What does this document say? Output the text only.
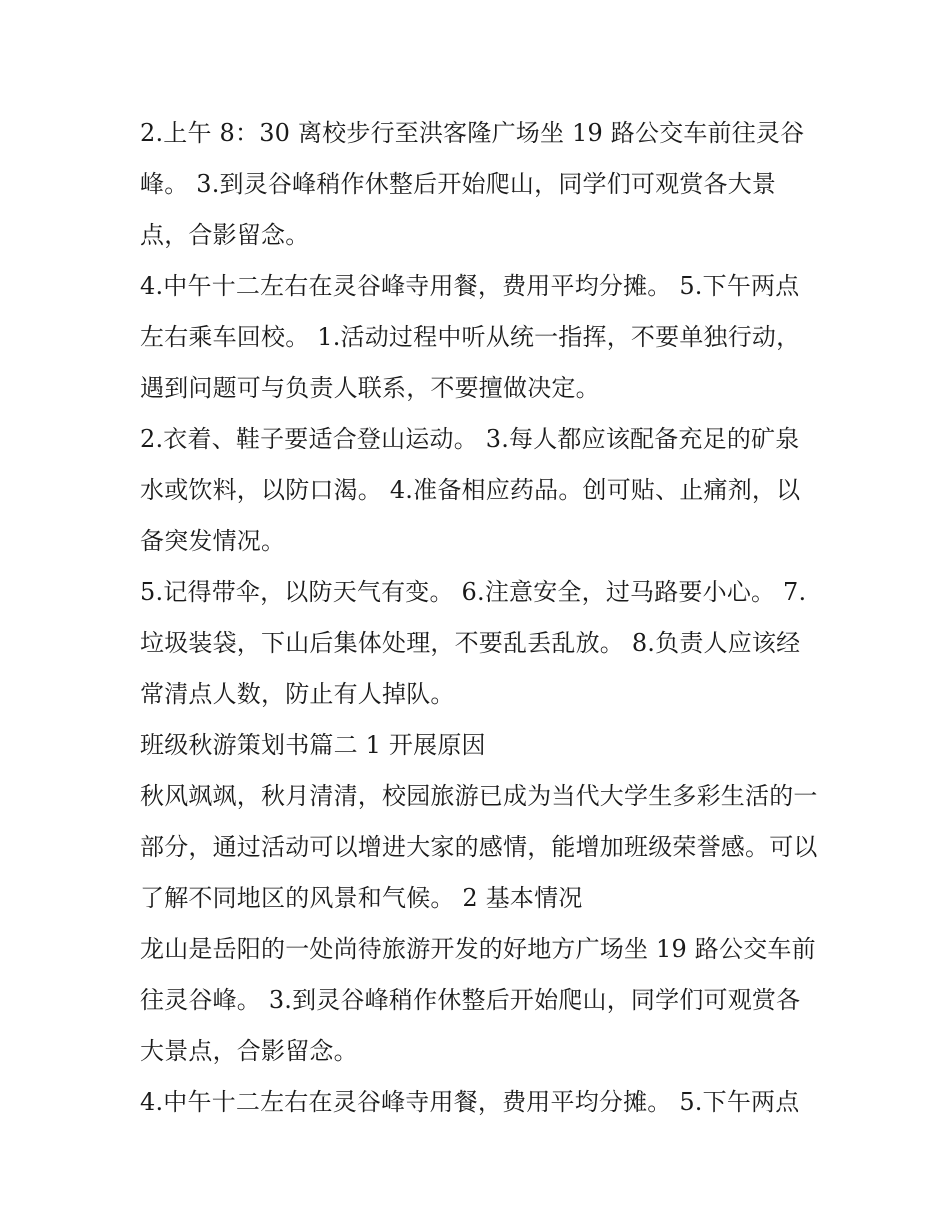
2.上午 8：30 离校步行至洪客隆广场坐 19 路公交车前往灵谷峰。 3.到灵谷峰稍作休整后开始爬山，同学们可观赏各大景点，合影留念。

4.中午十二左右在灵谷峰寺用餐，费用平均分摊。 5.下午两点左右乘车回校。 1.活动过程中听从统一指挥，不要单独行动，遇到问题可与负责人联系，不要擅做决定。

2.衣着、鞋子要适合登山运动。 3.每人都应该配备充足的矿泉水或饮料，以防口渴。 4.准备相应药品。创可贴、止痛剂，以备突发情况。

5.记得带伞，以防天气有变。 6.注意安全，过马路要小心。 7.垃圾装袋，下山后集体处理，不要乱丢乱放。 8.负责人应该经常清点人数，防止有人掉队。

班级秋游策划书篇二 1 开展原因

秋风飒飒，秋月清清，校园旅游已成为当代大学生多彩生活的一部分，通过活动可以增进大家的感情，能增加班级荣誉感。可以了解不同地区的风景和气候。 2 基本情况

龙山是岳阳的一处尚待旅游开发的好地方广场坐 19 路公交车前往灵谷峰。 3.到灵谷峰稍作休整后开始爬山，同学们可观赏各大景点，合影留念。

4.中午十二左右在灵谷峰寺用餐，费用平均分摊。 5.下午两点
